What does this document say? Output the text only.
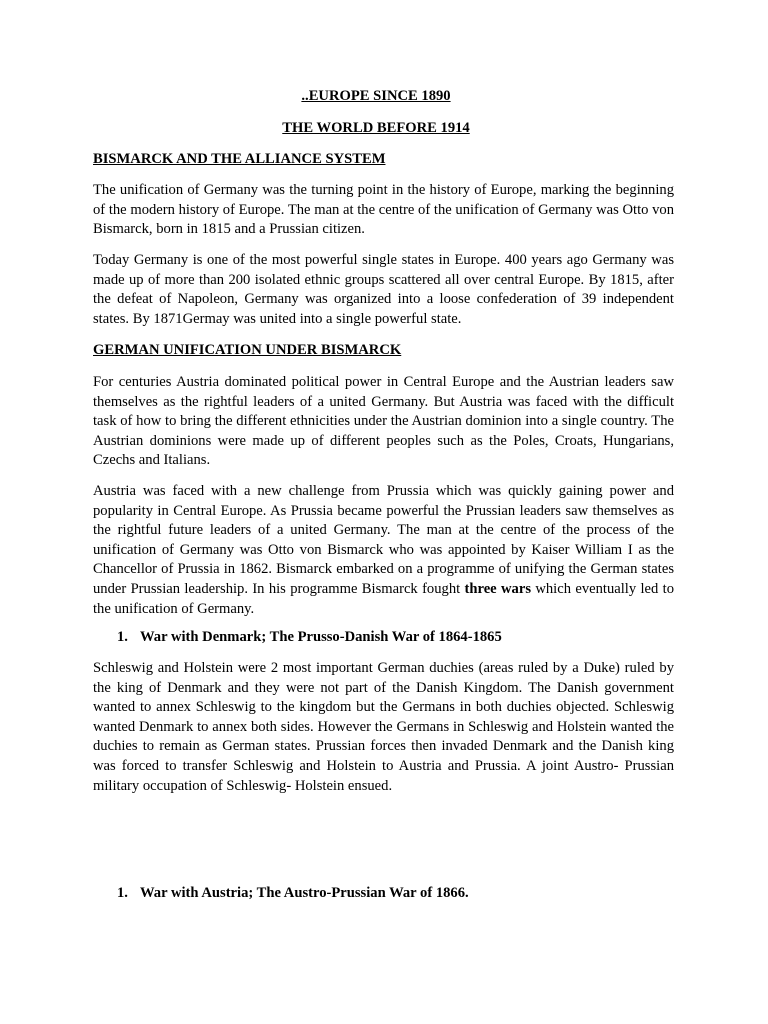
..EUROPE SINCE 1890

THE WORLD BEFORE 1914

BISMARCK AND THE ALLIANCE SYSTEM

The unification of Germany was the turning point in the history of Europe, marking the beginning of the modern history of Europe. The man at the centre of the unification of Germany was Otto von Bismarck, born in 1815 and a Prussian citizen.

Today Germany is one of the most powerful single states in Europe. 400 years ago Germany was made up of more than 200 isolated ethnic groups scattered all over central Europe. By 1815, after the defeat of Napoleon, Germany was organized into a loose confederation of 39 independent states. By 1871Germay was united into a single powerful state.

GERMAN UNIFICATION UNDER BISMARCK

For centuries Austria dominated political power in Central Europe and the Austrian leaders saw themselves as the rightful leaders of a united Germany. But Austria was faced with the difficult task of how to bring the different ethnicities under the Austrian dominion into a single country. The Austrian dominions were made up of different peoples such as the Poles, Croats, Hungarians, Czechs and Italians.

Austria was faced with a new challenge from Prussia which was quickly gaining power and popularity in Central Europe. As Prussia became powerful the Prussian leaders saw themselves as the rightful future leaders of a united Germany. The man at the centre of the process of the unification of Germany was Otto von Bismarck who was appointed by Kaiser William I as the Chancellor of Prussia in 1862. Bismarck embarked on a programme of unifying the German states under Prussian leadership. In his programme Bismarck fought three wars which eventually led to the unification of Germany.

1. War with Denmark; The Prusso-Danish War of 1864-1865

Schleswig and Holstein were 2 most important German duchies (areas ruled by a Duke) ruled by the king of Denmark and they were not part of the Danish Kingdom. The Danish government wanted to annex Schleswig to the kingdom but the Germans in both duchies objected. Schleswig wanted Denmark to annex both sides. However the Germans in Schleswig and Holstein wanted the duchies to remain as German states. Prussian forces then invaded Denmark and the Danish king was forced to transfer Schleswig and Holstein to Austria and Prussia. A joint Austro- Prussian military occupation of Schleswig- Holstein ensued.

1. War with Austria; The Austro-Prussian War of 1866.
